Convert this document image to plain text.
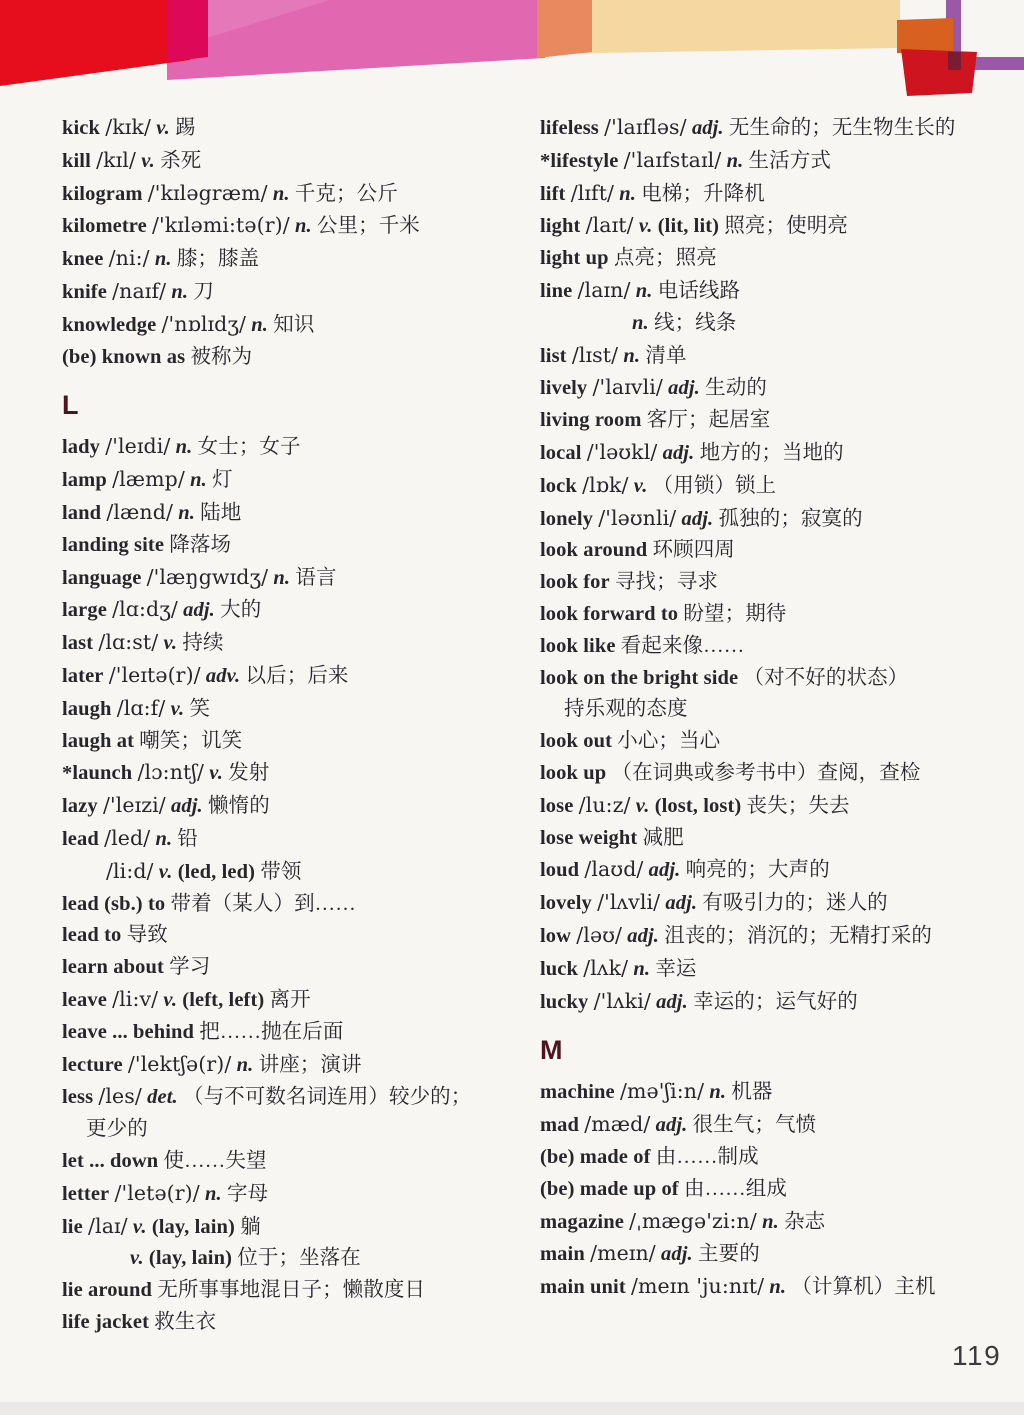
kick /kɪk/ v. 踢
kill /kɪl/ v. 杀死
kilogram /'kɪləgræm/ n. 千克；公斤
kilometre /'kɪləmi:tə(r)/ n. 公里；千米
knee /ni:/ n. 膝；膝盖
knife /naɪf/ n. 刀
knowledge /'nɒlɪdʒ/ n. 知识
(be) known as 被称为
L
lady /'leɪdi/ n. 女士；女子
lamp /læmp/ n. 灯
land /lænd/ n. 陆地
landing site 降落场
language /'læŋgwɪdʒ/ n. 语言
large /lɑ:dʒ/ adj. 大的
last /lɑ:st/ v. 持续
later /'leɪtə(r)/ adv. 以后；后来
laugh /lɑ:f/ v. 笑
laugh at 嘲笑；讥笑
*launch /lɔ:ntʃ/ v. 发射
lazy /'leɪzi/ adj. 懒惰的
lead /led/ n. 铅
/li:d/ v. (led, led) 带领
lead (sb.) to 带着（某人）到……
lead to 导致
learn about 学习
leave /li:v/ v. (left, left) 离开
leave ... behind 把……抛在后面
lecture /'lektʃə(r)/ n. 讲座；演讲
less /les/ det. （与不可数名词连用）较少的；
更少的
let ... down 使……失望
letter /'letə(r)/ n. 字母
lie /laɪ/ v. (lay, lain) 躺
v. (lay, lain) 位于；坐落在
lie around 无所事事地混日子；懒散度日
life jacket 救生衣
lifeless /'laɪfləs/ adj. 无生命的；无生物生长的
*lifestyle /'laɪfstaɪl/ n. 生活方式
lift /lɪft/ n. 电梯；升降机
light /laɪt/ v. (lit, lit) 照亮；使明亮
light up 点亮；照亮
line /laɪn/ n. 电话线路
n. 线；线条
list /lɪst/ n. 清单
lively /'laɪvli/ adj. 生动的
living room 客厅；起居室
local /'ləʊkl/ adj. 地方的；当地的
lock /lɒk/ v. （用锁）锁上
lonely /'ləʊnli/ adj. 孤独的；寂寞的
look around 环顾四周
look for 寻找；寻求
look forward to 盼望；期待
look like 看起来像……
look on the bright side （对不好的状态）
持乐观的态度
look out 小心；当心
look up （在词典或参考书中）查阅，查检
lose /lu:z/ v. (lost, lost) 丧失；失去
lose weight 减肥
loud /laʊd/ adj. 响亮的；大声的
lovely /'lʌvli/ adj. 有吸引力的；迷人的
low /ləʊ/ adj. 沮丧的；消沉的；无精打采的
luck /lʌk/ n. 幸运
lucky /'lʌki/ adj. 幸运的；运气好的
M
machine /mə'ʃi:n/ n. 机器
mad /mæd/ adj. 很生气；气愤
(be) made of 由……制成
(be) made up of 由……组成
magazine /ˌmægə'zi:n/ n. 杂志
main /meɪn/ adj. 主要的
main unit /meɪn 'ju:nɪt/ n. （计算机）主机
119
